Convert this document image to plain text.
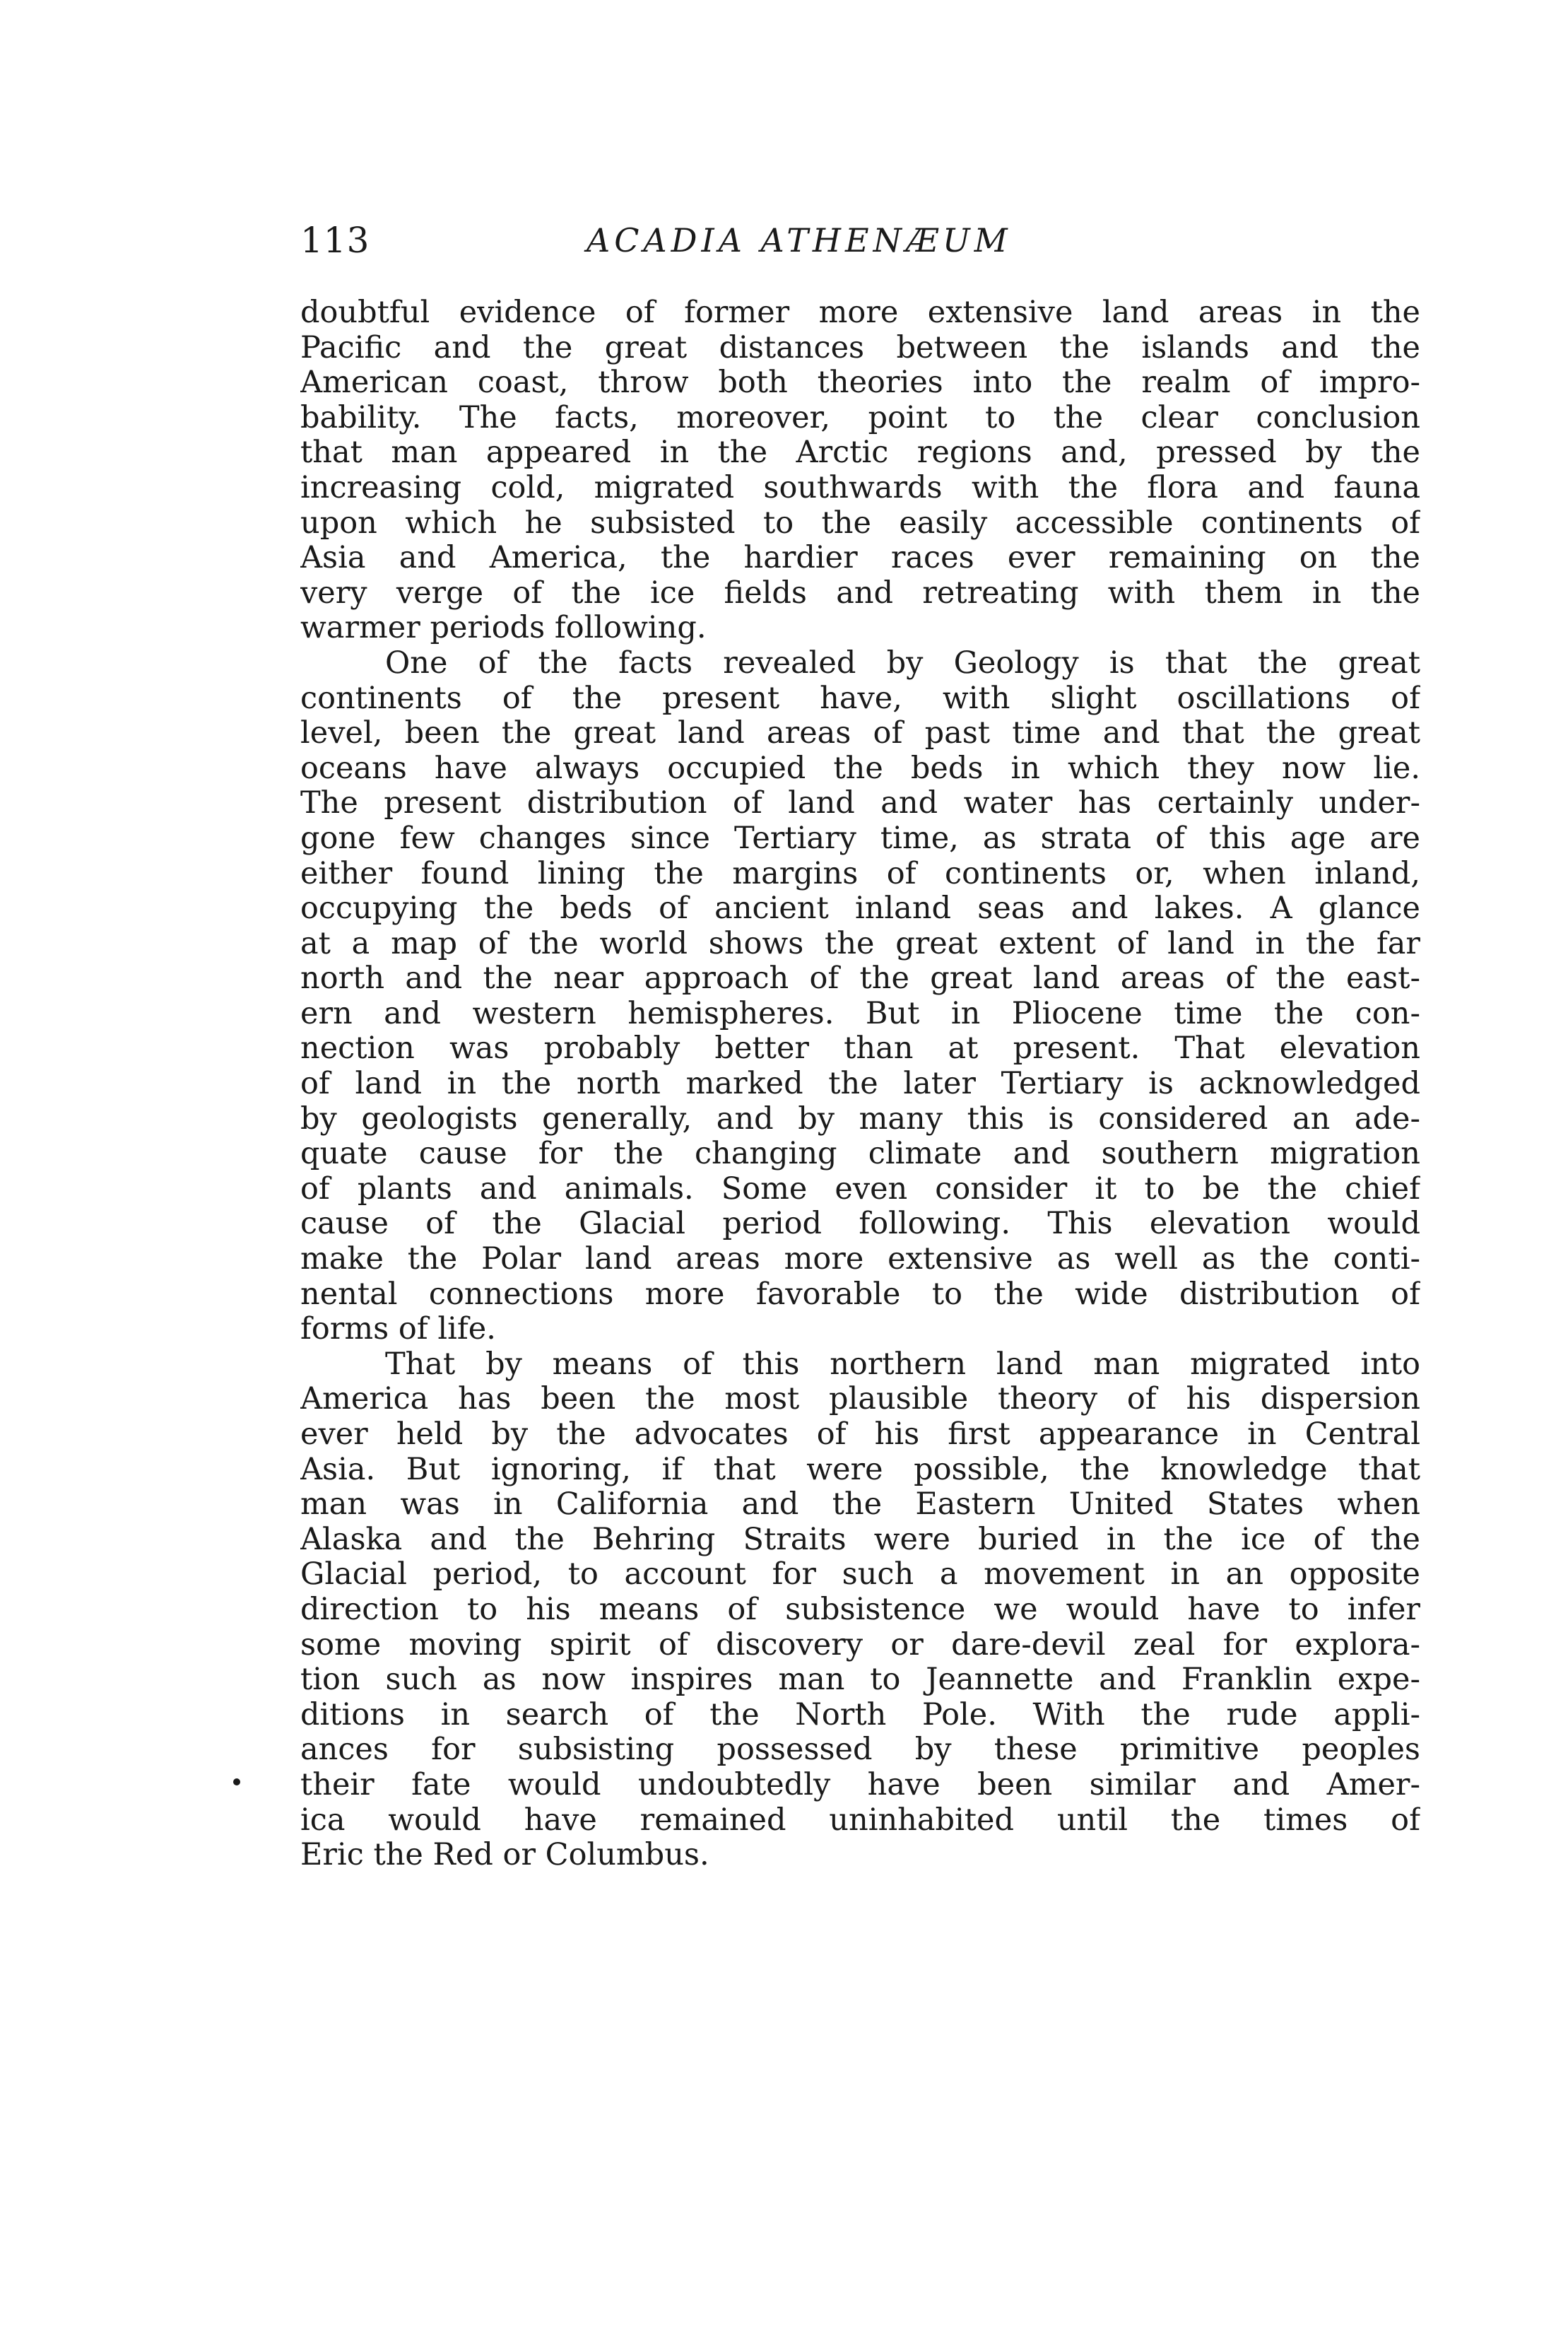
113	ACADIA ATHENÆUM
doubtful evidence of former more extensive land areas in the
Pacific and the great distances between the islands and the
American coast, throw both theories into the realm of impro-
bability. The facts, moreover, point to the clear conclusion
that man appeared in the Arctic regions and, pressed by the
increasing cold, migrated southwards with the flora and fauna
upon which he subsisted to the easily accessible continents of
Asia and America, the hardier races ever remaining on the
very verge of the ice fields and retreating with them in the
warmer periods following.
One of the facts revealed by Geology is that the great
continents of the present have, with slight oscillations of
level, been the great land areas of past time and that the great
oceans have always occupied the beds in which they now lie.
The present distribution of land and water has certainly under-
gone few changes since Tertiary time, as strata of this age are
either found lining the margins of continents or, when inland,
occupying the beds of ancient inland seas and lakes. A glance
at a map of the world shows the great extent of land in the far
north and the near approach of the great land areas of the east-
ern and western hemispheres. But in Pliocene time the con-
nection was probably better than at present. That elevation
of land in the north marked the later Tertiary is acknowledged
by geologists generally, and by many this is considered an ade-
quate cause for the changing climate and southern migration
of plants and animals. Some even consider it to be the chief
cause of the Glacial period following. This elevation would
make the Polar land areas more extensive as well as the conti-
nental connections more favorable to the wide distribution of
forms of life.
That by means of this northern land man migrated into
America has been the most plausible theory of his dispersion
ever held by the advocates of his first appearance in Central
Asia. But ignoring, if that were possible, the knowledge that
man was in California and the Eastern United States when
Alaska and the Behring Straits were buried in the ice of the
Glacial period, to account for such a movement in an opposite
direction to his means of subsistence we would have to infer
some moving spirit of discovery or dare-devil zeal for explora-
tion such as now inspires man to Jeannette and Franklin expe-
ditions in search of the North Pole. With the rude appli-
ances for subsisting possessed by these primitive peoples
their fate would undoubtedly have been similar and Amer-
ica would have remained uninhabited until the times of
Eric the Red or Columbus.
